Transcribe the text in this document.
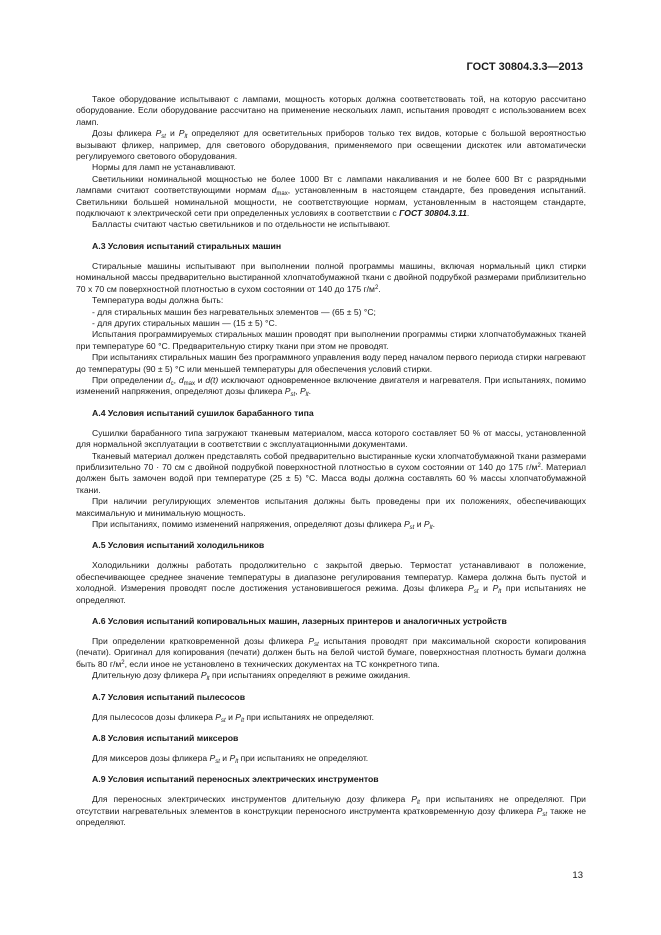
ГОСТ 30804.3.3—2013

Такое оборудование испытывают с лампами, мощность которых должна соответствовать той, на которую рассчитано оборудование. Если оборудование рассчитано на применение нескольких ламп, испытания проводят с использованием всех ламп.

Дозы фликера $P_{st}$ и $P_{lt}$ определяют для осветительных приборов только тех видов, которые с большой вероятностью вызывают фликер, например, для светового оборудования, применяемого при освещении дискотек или автоматически регулируемого светового оборудования.

Нормы для ламп не устанавливают.

Светильники номинальной мощностью не более 1000 Вт с лампами накаливания и не более 600 Вт с разрядными лампами считают соответствующими нормам $d_{max}$, установленным в настоящем стандарте, без проведения испытаний. Светильники большей номинальной мощности, не соответствующие нормам, установленным в настоящем стандарте, подключают к электрической сети при определенных условиях в соответствии с ГОСТ 30804.3.11.

Балласты считают частью светильников и по отдельности не испытывают.

А.3 Условия испытаний стиральных машин

Стиральные машины испытывают при выполнении полной программы машины, включая нормальный цикл стирки номинальной массы предварительно выстиранной хлопчатобумажной ткани с двойной подрубкой размерами приблизительно 70 х 70 см поверхностной плотностью в сухом состоянии от 140 до 175 $г/м^2$.

Температура воды должна быть:

- для стиральных машин без нагревательных элементов — (65 ± 5) °С;

- для других стиральных машин — (15 ± 5) °С.

Испытания программируемых стиральных машин проводят при выполнении программы стирки хлопчатобумажных тканей при температуре 60 °С. Предварительную стирку ткани при этом не проводят.

При испытаниях стиральных машин без программного управления воду перед началом первого периода стирки нагревают до температуры (90 ± 5) °С или меньшей температуры для обеспечения условий стирки.

При определении $d_c$, $d_{max}$ и d(t) исключают одновременное включение двигателя и нагревателя. При испытаниях, помимо изменений напряжения, определяют дозы фликера $P_{st}$, $P_{lt}$.

А.4 Условия испытаний сушилок барабанного типа

Сушилки барабанного типа загружают тканевым материалом, масса которого составляет 50 % от массы, установленной для нормальной эксплуатации в соответствии с эксплуатационными документами.

Тканевый материал должен представлять собой предварительно выстиранные куски хлопчатобумажной ткани размерами приблизительно 70 · 70 см с двойной подрубкой поверхностной плотностью в сухом состоянии от 140 до 175 $г/м^2$. Материал должен быть замочен водой при температуре (25 ± 5) °С. Масса воды должна составлять 60 % массы хлопчатобумажной ткани.

При наличии регулирующих элементов испытания должны быть проведены при их положениях, обеспечивающих максимальную и минимальную мощность.

При испытаниях, помимо изменений напряжения, определяют дозы фликера $P_{st}$ и $P_{lt}$.

А.5 Условия испытаний холодильников

Холодильники должны работать продолжительно с закрытой дверью. Термостат устанавливают в положение, обеспечивающее среднее значение температуры в диапазоне регулирования температур. Камера должна быть пустой и холодной. Измерения проводят после достижения установившегося режима. Дозы фликера $P_{st}$ и $P_{lt}$ при испытаниях не определяют.

А.6 Условия испытаний копировальных машин, лазерных принтеров и аналогичных устройств

При определении кратковременной дозы фликера $P_{st}$ испытания проводят при максимальной скорости копирования (печати). Оригинал для копирования (печати) должен быть на белой чистой бумаге, поверхностная плотность бумаги должна быть 80 $г/м^2$, если иное не установлено в технических документах на ТС конкретного типа.

Длительную дозу фликера $P_{lt}$ при испытаниях определяют в режиме ожидания.

А.7 Условия испытаний пылесосов

Для пылесосов дозы фликера $P_{st}$ и $P_{lt}$ при испытаниях не определяют.

А.8 Условия испытаний миксеров

Для миксеров дозы фликера $P_{st}$ и $P_{lt}$ при испытаниях не определяют.

А.9 Условия испытаний переносных электрических инструментов

Для переносных электрических инструментов длительную дозу фликера $P_{lt}$ при испытаниях не определяют. При отсутствии нагревательных элементов в конструкции переносного инструмента кратковременную дозу фликера $P_{st}$ также не определяют.

13
